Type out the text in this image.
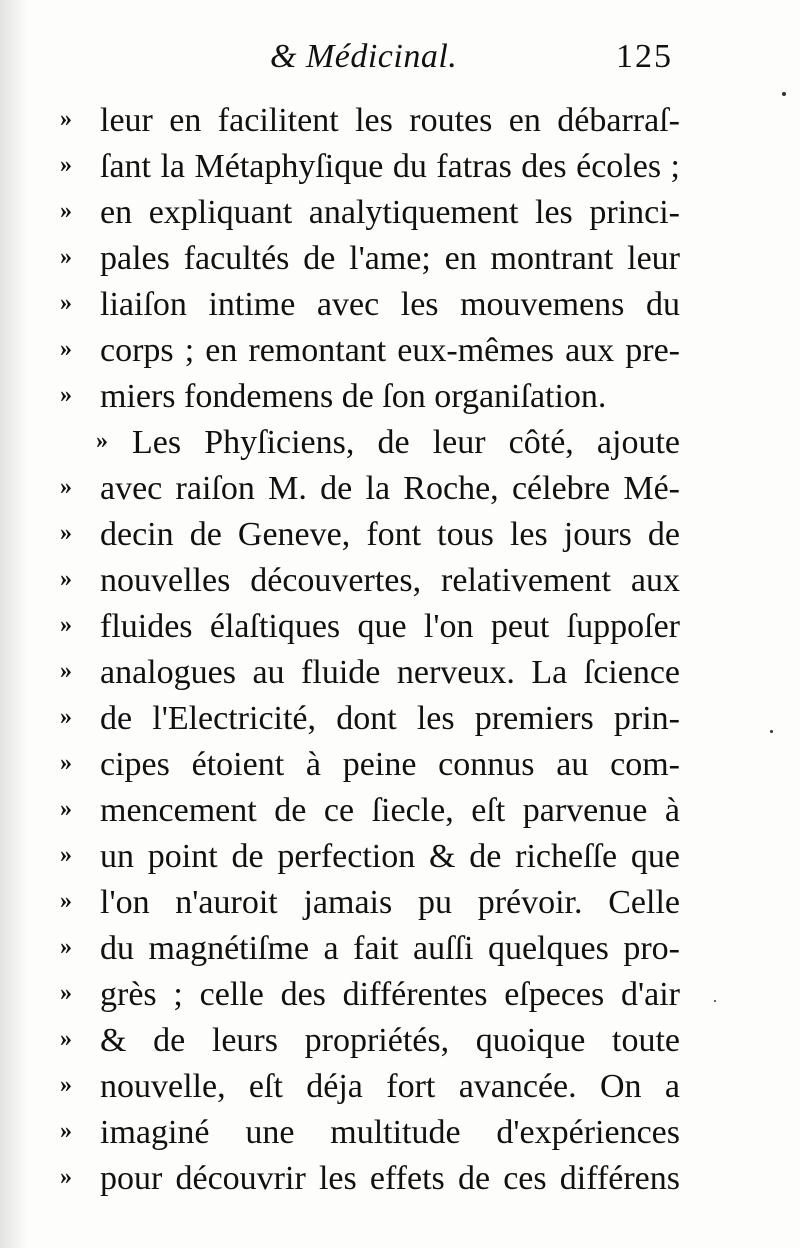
& Médicinal.	125
» leur en facilitent les routes en débarraſ-
» ſant la Métaphyſique du fatras des écoles ;
» en expliquant analytiquement les princi-
» pales facultés de l'ame; en montrant leur
» liaiſon intime avec les mouvemens du
» corps ; en remontant eux-mêmes aux pre-
» miers fondemens de ſon organiſation.
» Les Phyſiciens, de leur côté, ajoute
» avec raiſon M. de la Roche, célebre Mé-
» decin de Geneve, font tous les jours de
» nouvelles découvertes, relativement aux
» fluides élaſtiques que l'on peut ſuppoſer
» analogues au fluide nerveux. La ſcience
» de l'Electricité, dont les premiers prin-
» cipes étoient à peine connus au com-
» mencement de ce ſiecle, eſt parvenue à
» un point de perfection & de richeſſe que
» l'on n'auroit jamais pu prévoir. Celle
» du magnétiſme a fait auſſi quelques pro-
» grès ; celle des différentes eſpeces d'air
» & de leurs propriétés, quoique toute
» nouvelle, eſt déja fort avancée. On a
» imaginé une multitude d'expériences
» pour découvrir les effets de ces différens
